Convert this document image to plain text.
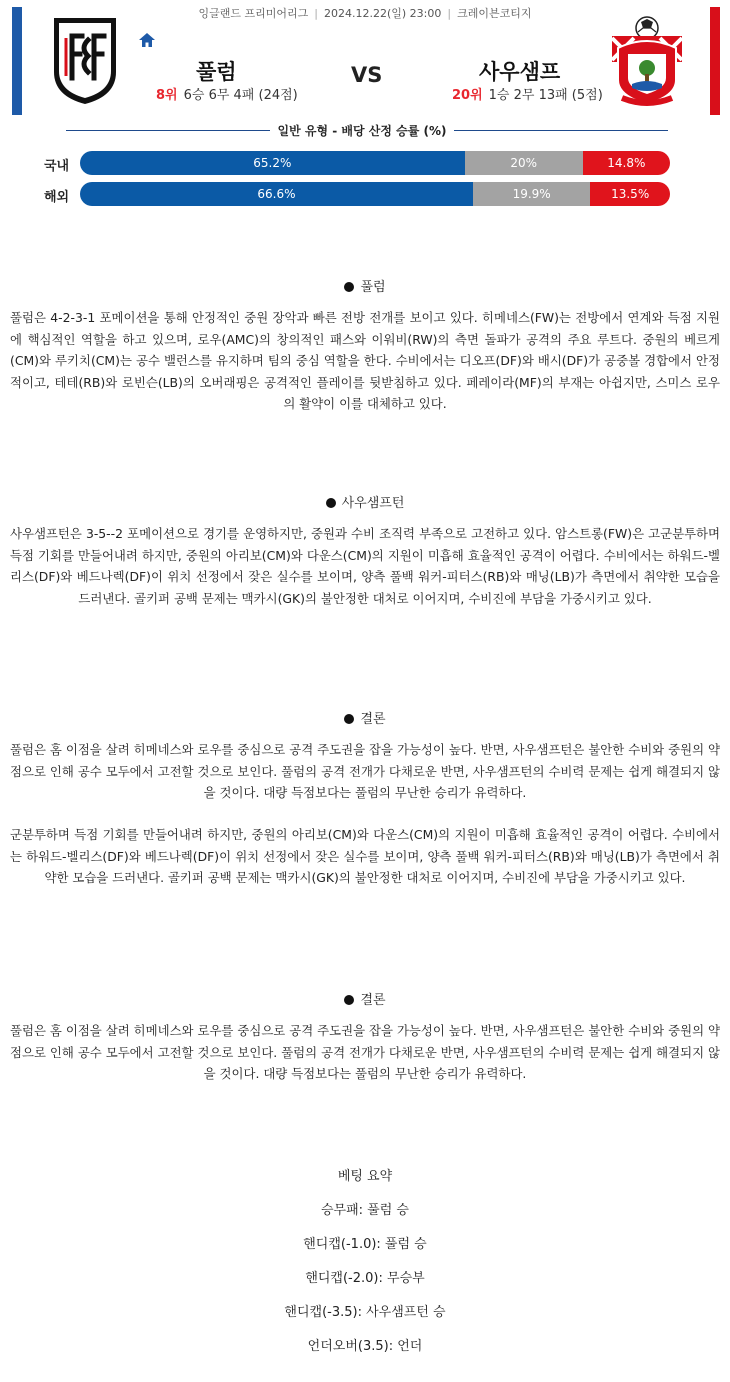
잉글랜드 프리미어리그 | 2024.12.22(일) 23:00 | 크레이븐코티지
풀럼	VS	사우샘프
8위 6승 6무 4패 (24점)	20위 1승 2무 13패 (5점)
일반 유형 - 배당 산정 승률 (%)
국내	65.2%	20%	14.8%
해외	66.6%	19.9%	13.5%
풀럼
풀럼은 4-2-3-1 포메이션을 통해 안정적인 중원 장악과 빠른 전방 전개를 보이고 있다. 히메네스(FW)는 전방에서 연계와 득점 지원에 핵심적인 역할을 하고 있으며, 로우(AMC)의 창의적인 패스와 이워비(RW)의 측면 돌파가 공격의 주요 루트다. 중원의 베르게(CM)와 루키치(CM)는 공수 밸런스를 유지하며 팀의 중심 역할을 한다. 수비에서는 디오프(DF)와 배시(DF)가 공중볼 경합에서 안정적이고, 테테(RB)와 로빈슨(LB)의 오버래핑은 공격적인 플레이를 뒷받침하고 있다. 페레이라(MF)의 부재는 아쉽지만, 스미스 로우의 활약이 이를 대체하고 있다.
사우샘프턴
사우샘프턴은 3-5--2 포메이션으로 경기를 운영하지만, 중원과 수비 조직력 부족으로 고전하고 있다. 암스트롱(FW)은 고군분투하며 득점 기회를 만들어내려 하지만, 중원의 아리보(CM)와 다운스(CM)의 지원이 미흡해 효율적인 공격이 어렵다. 수비에서는 하워드-벨리스(DF)와 베드나렉(DF)이 위치 선정에서 잦은 실수를 보이며, 양측 풀백 워커-피터스(RB)와 매닝(LB)가 측면에서 취약한 모습을 드러낸다. 골키퍼 공백 문제는 맥카시(GK)의 불안정한 대처로 이어지며, 수비진에 부담을 가중시키고 있다.
결론
풀럼은 홈 이점을 살려 히메네스와 로우를 중심으로 공격 주도권을 잡을 가능성이 높다. 반면, 사우샘프턴은 불안한 수비와 중원의 약점으로 인해 공수 모두에서 고전할 것으로 보인다. 풀럼의 공격 전개가 다채로운 반면, 사우샘프턴의 수비력 문제는 쉽게 해결되지 않을 것이다. 대량 득점보다는 풀럼의 무난한 승리가 유력하다.
군분투하며 득점 기회를 만들어내려 하지만, 중원의 아리보(CM)와 다운스(CM)의 지원이 미흡해 효율적인 공격이 어렵다. 수비에서는 하워드-벨리스(DF)와 베드나렉(DF)이 위치 선정에서 잦은 실수를 보이며, 양측 풀백 워커-피터스(RB)와 매닝(LB)가 측면에서 취약한 모습을 드러낸다. 골키퍼 공백 문제는 맥카시(GK)의 불안정한 대처로 이어지며, 수비진에 부담을 가중시키고 있다.
결론
풀럼은 홈 이점을 살려 히메네스와 로우를 중심으로 공격 주도권을 잡을 가능성이 높다. 반면, 사우샘프턴은 불안한 수비와 중원의 약점으로 인해 공수 모두에서 고전할 것으로 보인다. 풀럼의 공격 전개가 다채로운 반면, 사우샘프턴의 수비력 문제는 쉽게 해결되지 않을 것이다. 대량 득점보다는 풀럼의 무난한 승리가 유력하다.
베팅 요약
승무패: 풀럼 승
핸디캡(-1.0): 풀럼 승
핸디캡(-2.0): 무승부
핸디캡(-3.5): 사우샘프턴 승
언더오버(3.5): 언더
